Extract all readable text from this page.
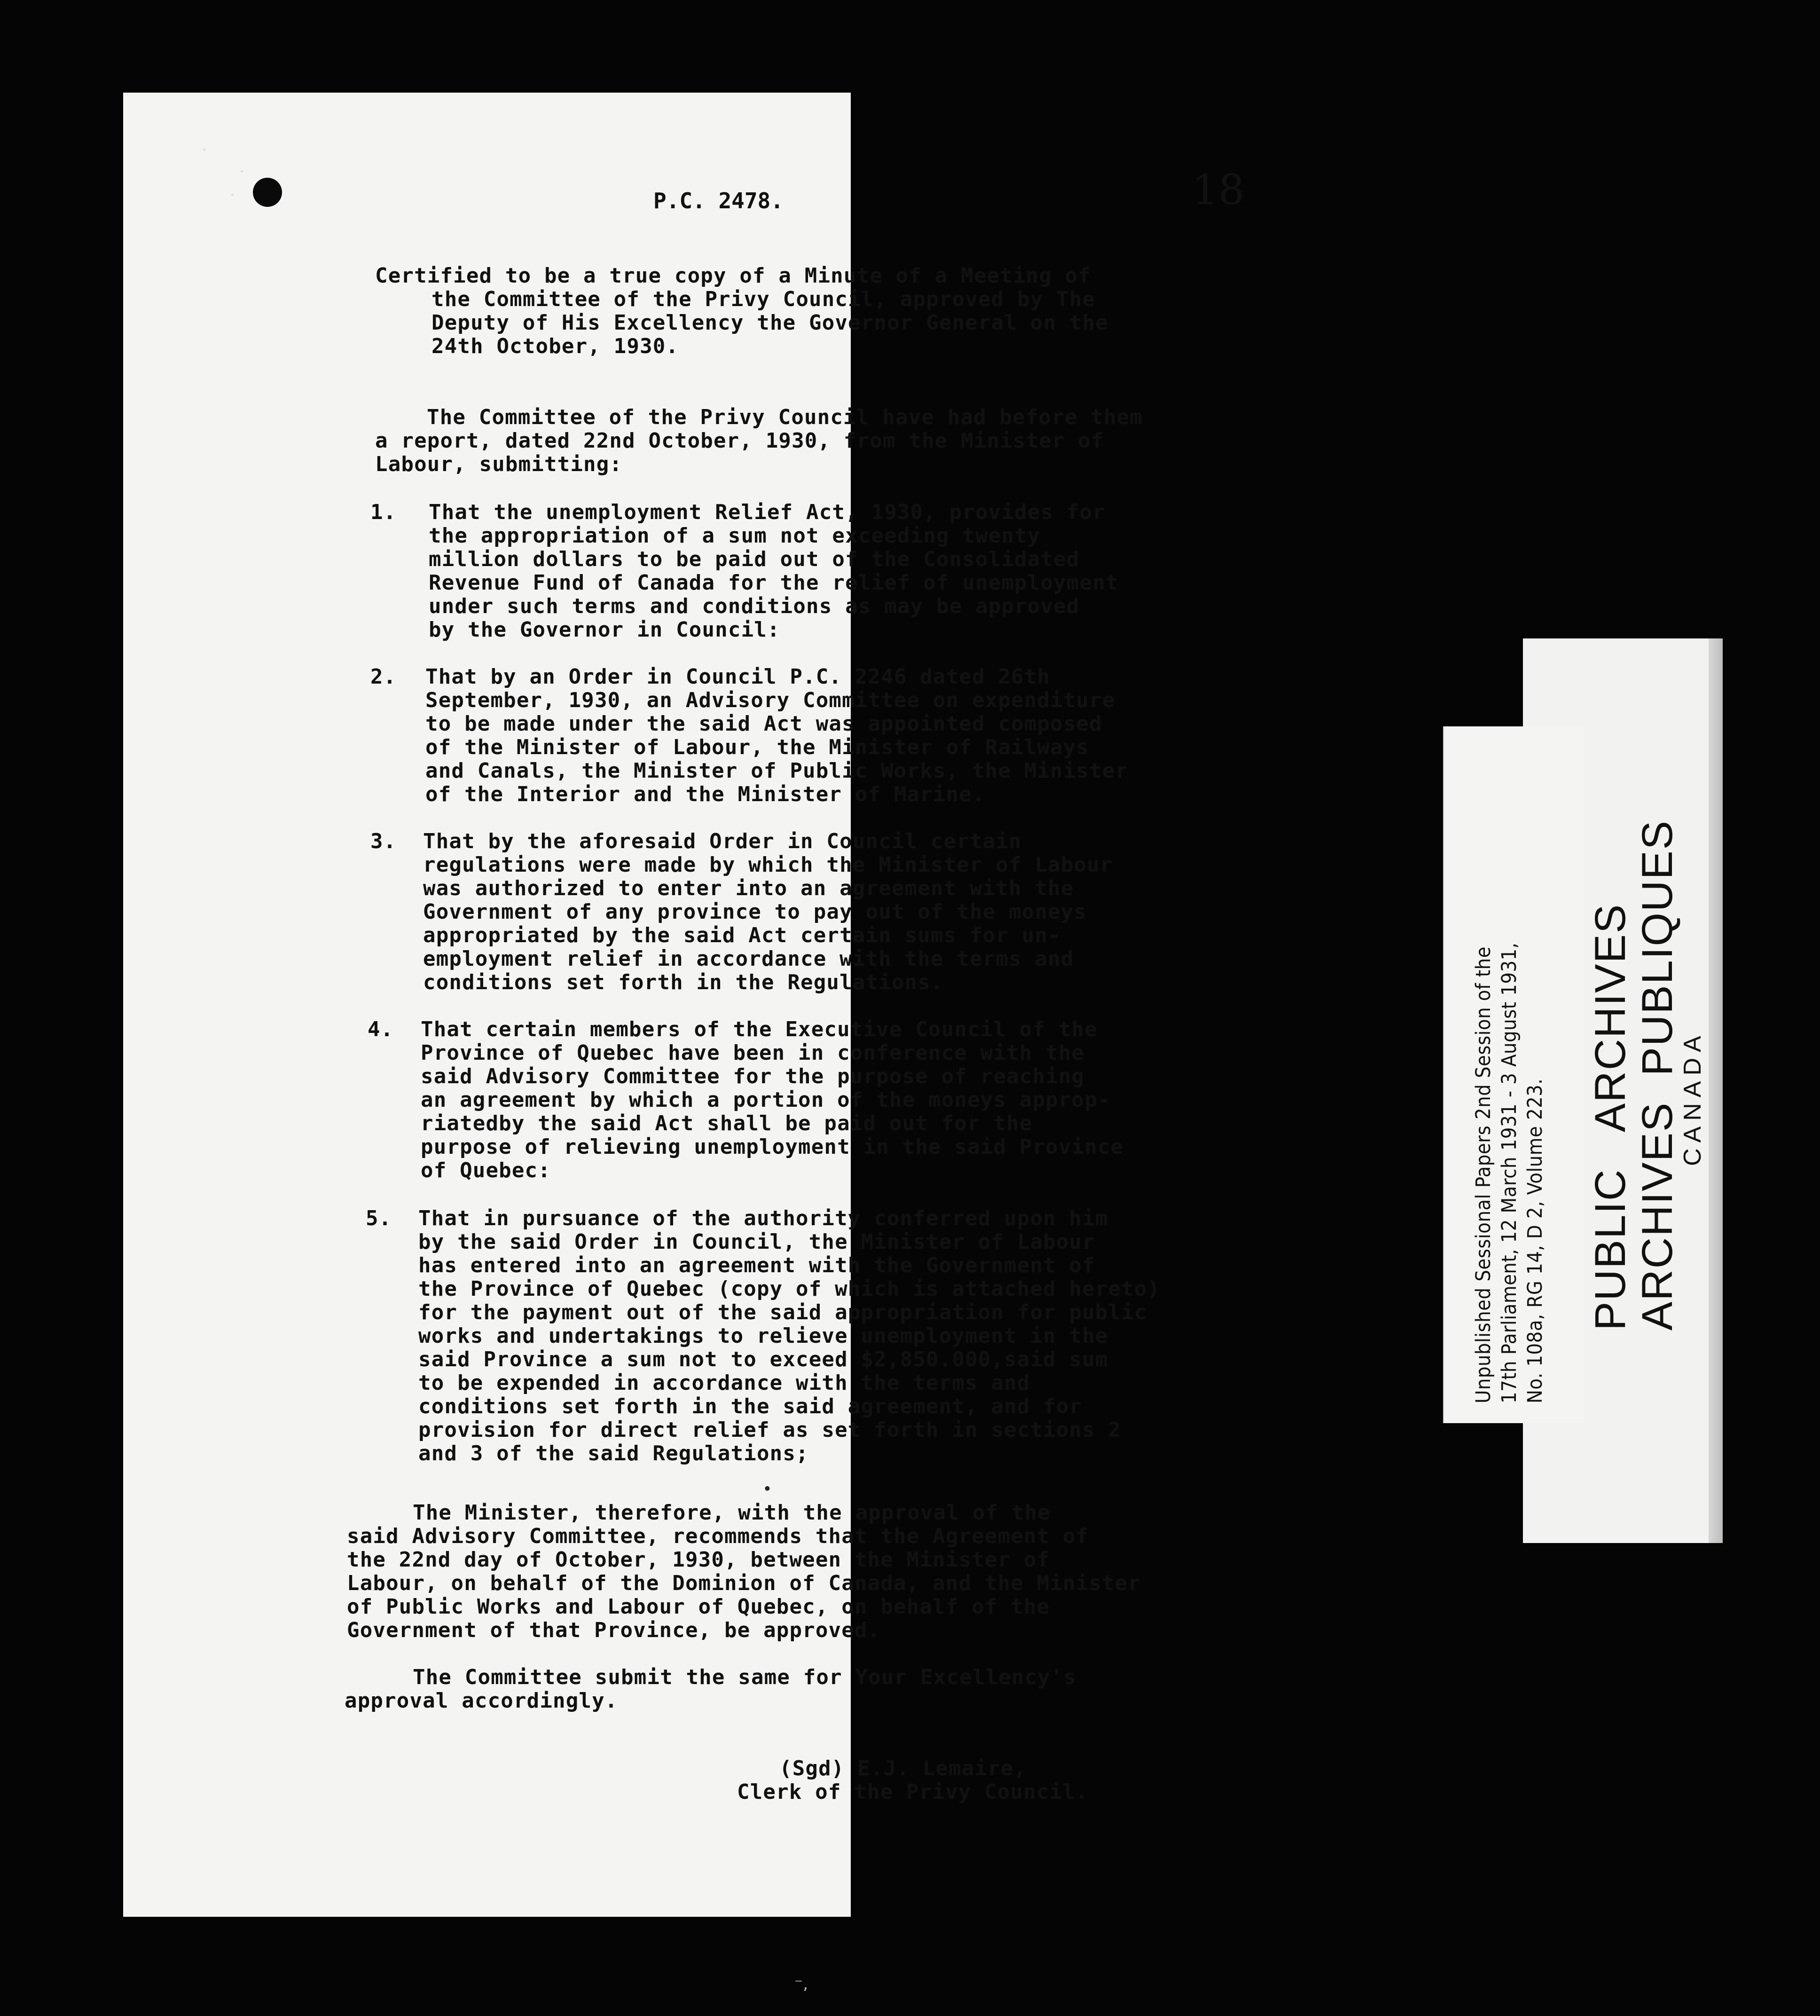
P.C. 2478.	18
Certified to be a true copy of a Minute of a Meeting of
the Committee of the Privy Council, approved by The
Deputy of His Excellency the Governor General on the
24th October, 1930.
The Committee of the Privy Council have had before them
a report, dated 22nd October, 1930, from the Minister of
Labour, submitting:
1. That the unemployment Relief Act, 1930, provides for
the appropriation of a sum not exceeding twenty
million dollars to be paid out of the Consolidated
Revenue Fund of Canada for the relief of unemployment
under such terms and conditions as may be approved
by the Governor in Council:
2. That by an Order in Council P.C. 2246 dated 26th
September, 1930, an Advisory Committee on expenditure
to be made under the said Act was appointed composed
of the Minister of Labour, the Minister of Railways
and Canals, the Minister of Public Works, the Minister
of the Interior and the Minister of Marine.
3. That by the aforesaid Order in Council certain
regulations were made by which the Minister of Labour
was authorized to enter into an agreement with the
Government of any province to pay out of the moneys
appropriated by the said Act certain sums for un-
employment relief in accordance with the terms and
conditions set forth in the Regulations.
4. That certain members of the Executive Council of the
Province of Quebec have been in conference with the
said Advisory Committee for the purpose of reaching
an agreement by which a portion of the moneys approp-
riatedby the said Act shall be paid out for the
purpose of relieving unemployment in the said Province
of Quebec:
5. That in pursuance of the authority conferred upon him
by the said Order in Council, the Minister of Labour
has entered into an agreement with the Government of
the Province of Quebec (copy of which is attached hereto)
for the payment out of the said appropriation for public
works and undertakings to relieve unemployment in the
said Province a sum not to exceed $2,850.000,said sum
to be expended in accordance with the terms and
conditions set forth in the said agreement, and for
provision for direct relief as set forth in sections 2
and 3 of the said Regulations;
•
The Minister, therefore, with the approval of the
said Advisory Committee, recommends that the Agreement of
the 22nd day of October, 1930, between the Minister of
Labour, on behalf of the Dominion of Canada, and the Minister
of Public Works and Labour of Quebec, on behalf of the
Government of that Province, be approved.
The Committee submit the same for Your Excellency's
approval accordingly.
(Sgd) E.J. Lemaire,
Clerk of the Privy Council.
PUBLIC   ARCHIVES
ARCHIVES  PUBLIQUES
CANADA
Unpublished Sessional Papers 2nd Session of the 17th Parliament, 12 March 1931 - 3 August 1931, No. 108a, RG 14, D 2, Volume 223.
⁻‚
